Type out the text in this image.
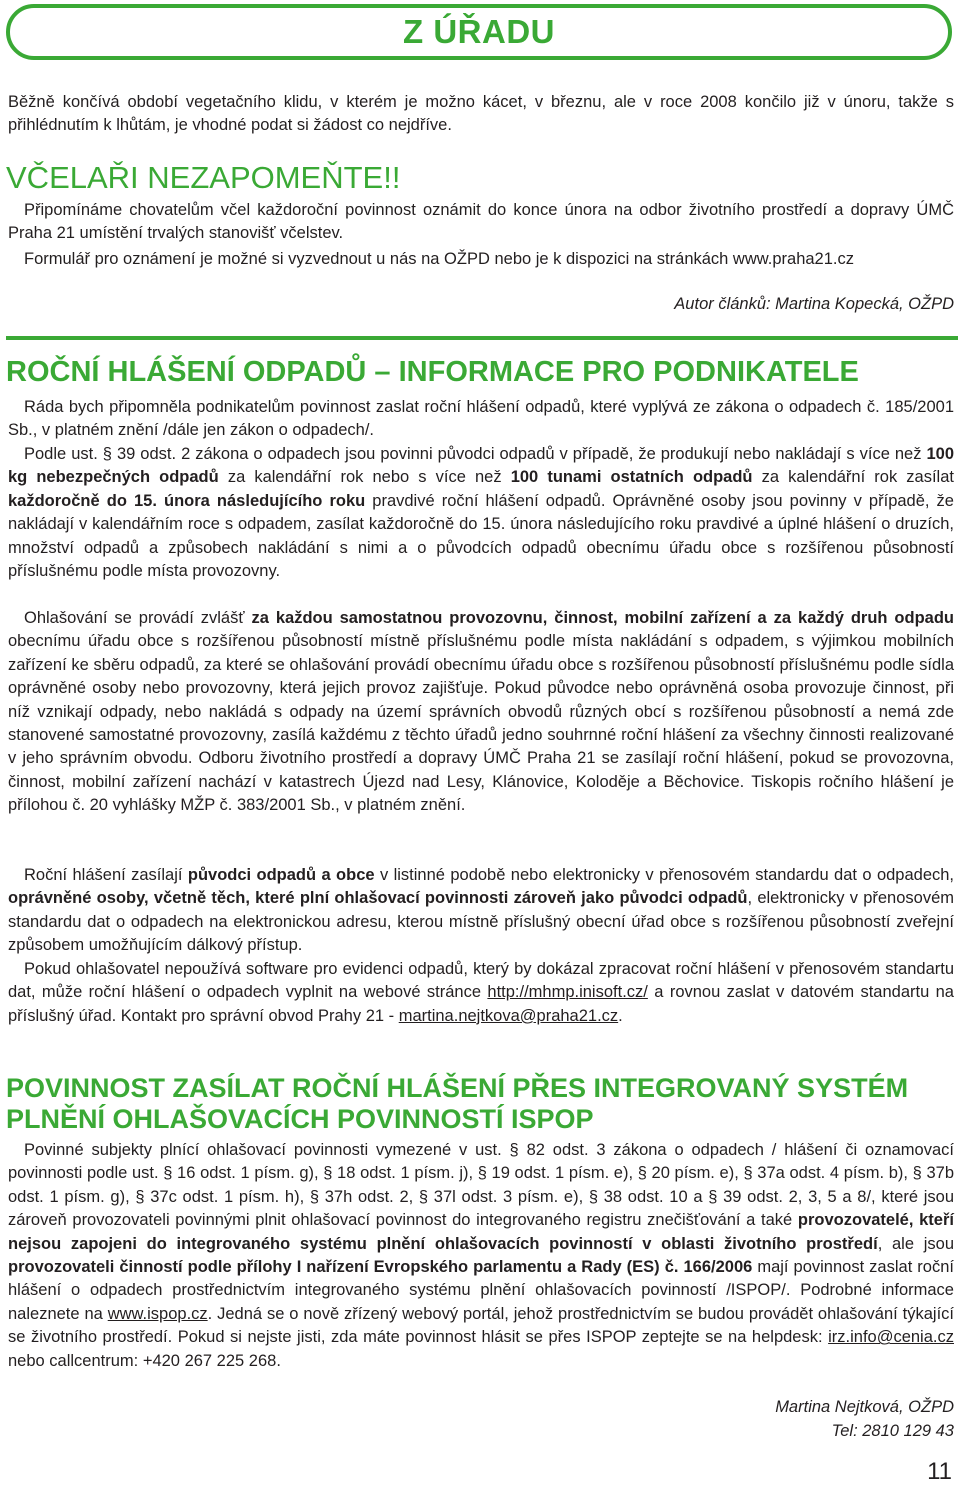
Z ÚŘADU

Běžně končívá období vegetačního klidu, v kterém je možno kácet, v březnu, ale v roce 2008 končilo již v únoru, takže s přihlédnutím k lhůtám, je vhodné podat si žádost co nejdříve.

VČELAŘI NEZAPOMEŇTE!!

Připomínáme chovatelům včel každoroční povinnost oznámit do konce února na odbor životního prostředí a dopravy ÚMČ Praha 21 umístění trvalých stanovišť včelstev.

Formulář pro oznámení je možné si vyzvednout u nás na OŽPD nebo je k dispozici na stránkách www.praha21.cz

Autor článků: Martina Kopecká, OŽPD
ROČNÍ HLÁŠENÍ ODPADŮ – INFORMACE PRO PODNIKATELE

Ráda bych připomněla podnikatelům povinnost zaslat roční hlášení odpadů, které vyplývá ze zákona o odpadech č. 185/2001 Sb., v platném znění /dále jen zákon o odpadech/.

Podle ust. § 39 odst. 2 zákona o odpadech jsou povinni původci odpadů v případě, že produkují nebo nakládají s více než 100 kg nebezpečných odpadů za kalendářní rok nebo s více než 100 tunami ostatních odpadů za kalendářní rok zasílat každoročně do 15. února následujícího roku pravdivé roční hlášení odpadů. Oprávněné osoby jsou povinny v případě, že nakládají v kalendářním roce s odpadem, zasílat každoročně do 15. února následujícího roku pravdivé a úplné hlášení o druzích, množství odpadů a způsobech nakládání s nimi a o původcích odpadů obecnímu úřadu obce s rozšířenou působností příslušnému podle místa provozovny.

Ohlašování se provádí zvlášť za každou samostatnou provozovnu, činnost, mobilní zařízení a za každý druh odpadu obecnímu úřadu obce s rozšířenou působností místně příslušnému podle místa nakládání s odpadem, s výjimkou mobilních zařízení ke sběru odpadů, za které se ohlašování provádí obecnímu úřadu obce s rozšířenou působností příslušnému podle sídla oprávněné osoby nebo provozovny, která jejich provoz zajišťuje. Pokud původce nebo oprávněná osoba provozuje činnost, při níž vznikají odpady, nebo nakládá s odpady na území správních obvodů různých obcí s rozšířenou působností a nemá zde stanovené samostatné provozovny, zasílá každému z těchto úřadů jedno souhrnné roční hlášení za všechny činnosti realizované v jeho správním obvodu. Odboru životního prostředí a dopravy ÚMČ Praha 21 se zasílají roční hlášení, pokud se provozovna, činnost, mobilní zařízení nachází v katastrech Újezd nad Lesy, Klánovice, Koloděje a Běchovice. Tiskopis ročního hlášení je přílohou č. 20 vyhlášky MŽP č. 383/2001 Sb., v platném znění.

Roční hlášení zasílají původci odpadů a obce v listinné podobě nebo elektronicky v přenosovém standardu dat o odpadech, oprávněné osoby, včetně těch, které plní ohlašovací povinnosti zároveň jako původci odpadů, elektronicky v přenosovém standardu dat o odpadech na elektronickou adresu, kterou místně příslušný obecní úřad obce s rozšířenou působností zveřejní způsobem umožňujícím dálkový přístup.

Pokud ohlašovatel nepoužívá software pro evidenci odpadů, který by dokázal zpracovat roční hlášení v přenosovém standartu dat, může roční hlášení o odpadech vyplnit na webové stránce http://mhmp.inisoft.cz/ a rovnou zaslat v datovém standartu na příslušný úřad. Kontakt pro správní obvod Prahy 21 - martina.nejtkova@praha21.cz.

POVINNOST ZASÍLAT ROČNÍ HLÁŠENÍ PŘES INTEGROVANÝ SYSTÉM PLNĚNÍ OHLAŠOVACÍCH POVINNOSTÍ ISPOP

Povinné subjekty plnící ohlašovací povinnosti vymezené v ust. § 82 odst. 3 zákona o odpadech / hlášení či oznamovací povinnosti podle ust. § 16 odst. 1 písm. g), § 18 odst. 1 písm. j), § 19 odst. 1 písm. e), § 20 písm. e), § 37a odst. 4 písm. b), § 37b odst. 1 písm. g), § 37c odst. 1 písm. h), § 37h odst. 2, § 37l odst. 3 písm. e), § 38 odst. 10 a § 39 odst. 2, 3, 5 a 8/, které jsou zároveň provozovateli povinnými plnit ohlašovací povinnost do integrovaného registru znečišťování a také provozovatelé, kteří nejsou zapojeni do integrovaného systému plnění ohlašovacích povinností v oblasti životního prostředí, ale jsou provozovateli činností podle přílohy I nařízení Evropského parlamentu a Rady (ES) č. 166/2006 mají povinnost zaslat roční hlášení o odpadech prostřednictvím integrovaného systému plnění ohlašovacích povinností /ISPOP/. Podrobné informace naleznete na www.ispop.cz. Jedná se o nově zřízený webový portál, jehož prostřednictvím se budou provádět ohlašování týkající se životního prostředí. Pokud si nejste jisti, zda máte povinnost hlásit se přes ISPOP zeptejte se na helpdesk: irz.info@cenia.cz nebo callcentrum: +420 267 225 268.

Martina Nejtková, OŽPD
Tel: 2810 129 43
11
